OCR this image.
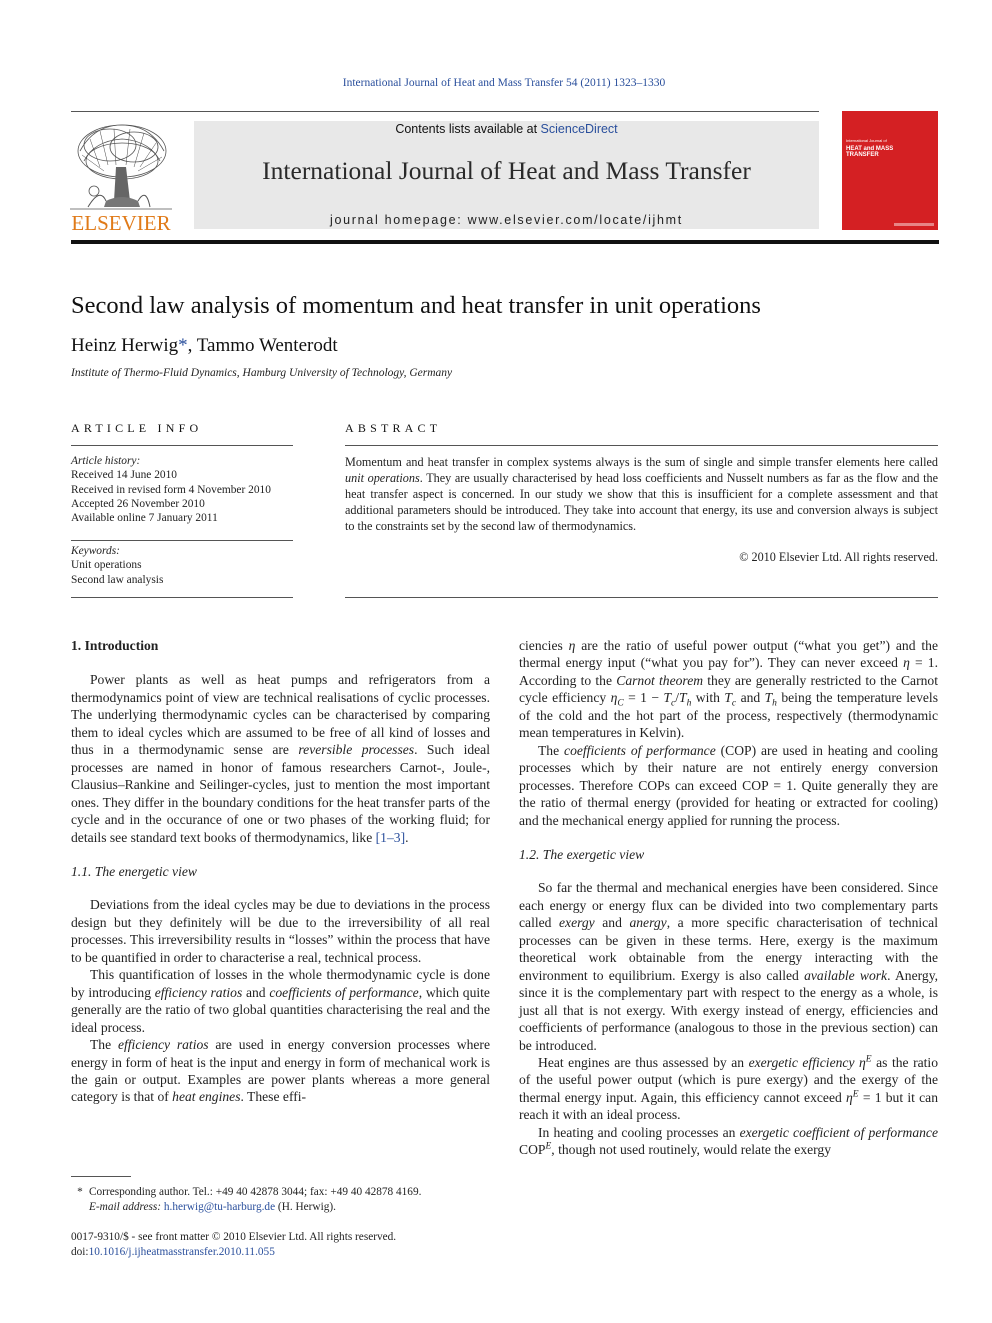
International Journal of Heat and Mass Transfer 54 (2011) 1323–1330
ELSEVIER
Contents lists available at ScienceDirect
International Journal of Heat and Mass Transfer
journal homepage: www.elsevier.com/locate/ijhmt
International Journal of
HEAT and MASS
TRANSFER
Second law analysis of momentum and heat transfer in unit operations
Heinz Herwig*, Tammo Wenterodt
Institute of Thermo-Fluid Dynamics, Hamburg University of Technology, Germany
ARTICLE INFO
Article history:
Received 14 June 2010
Received in revised form 4 November 2010
Accepted 26 November 2010
Available online 7 January 2011
Keywords:
Unit operations
Second law analysis
ABSTRACT
Momentum and heat transfer in complex systems always is the sum of single and simple transfer elements here called unit operations. They are usually characterised by head loss coefficients and Nusselt numbers as far as the flow and the heat transfer aspect is concerned. In our study we show that this is insufficient for a complete assessment and that additional parameters should be introduced. They take into account that energy, its use and conversion always is subject to the constraints set by the second law of thermodynamics.
© 2010 Elsevier Ltd. All rights reserved.

1. Introduction

Power plants as well as heat pumps and refrigerators from a thermodynamics point of view are technical realisations of cyclic processes. The underlying thermodynamic cycles can be characterised by comparing them to ideal cycles which are assumed to be free of all kind of losses and thus in a thermodynamic sense are reversible processes. Such ideal processes are named in honor of famous researchers Carnot-, Joule-, Clausius–Rankine and Seilinger-cycles, just to mention the most important ones. They differ in the boundary conditions for the heat transfer parts of the cycle and in the occurance of one or two phases of the working fluid; for details see standard text books of thermodynamics, like [1–3].

1.1. The energetic view

Deviations from the ideal cycles may be due to deviations in the process design but they definitely will be due to the irreversibility of all real processes. This irreversibility results in “losses” within the process that have to be quantified in order to characterise a real, technical process.

This quantification of losses in the whole thermodynamic cycle is done by introducing efficiency ratios and coefficients of performance, which quite generally are the ratio of two global quantities characterising the real and the ideal process.

The efficiency ratios are used in energy conversion processes where energy in form of heat is the input and energy in form of mechanical work is the gain or output. Examples are power plants whereas a more general category is that of heat engines. These effi-

ciencies η are the ratio of useful power output (“what you get”) and the thermal energy input (“what you pay for”). They can never exceed η = 1. According to the Carnot theorem they are generally restricted to the Carnot cycle efficiency $\eta_C = 1 - T_c/T_h$ with $T_c$ and $T_h$ being the temperature levels of the cold and the hot part of the process, respectively (thermodynamic mean temperatures in Kelvin).

The coefficients of performance (COP) are used in heating and cooling processes which by their nature are not entirely energy conversion processes. Therefore COPs can exceed COP = 1. Quite generally they are the ratio of thermal energy (provided for heating or extracted for cooling) and the mechanical energy applied for running the process.

1.2. The exergetic view

So far the thermal and mechanical energies have been considered. Since each energy or energy flux can be divided into two complementary parts called exergy and anergy, a more specific characterisation of technical processes can be given in these terms. Here, exergy is the maximum theoretical work obtainable from the energy interacting with the environment to equilibrium. Exergy is also called available work. Anergy, since it is the complementary part with respect to the energy as a whole, is just all that is not exergy. With exergy instead of energy, efficiencies and coefficients of performance (analogous to those in the previous section) can be introduced.

Heat engines are thus assessed by an exergetic efficiency $\eta^E$ as the ratio of the useful power output (which is pure exergy) and the exergy of the thermal energy input. Again, this efficiency cannot exceed $\eta^E = 1$ but it can reach it with an ideal process.

In heating and cooling processes an exergetic coefficient of performance $COP^E$, though not used routinely, would relate the exergy

* Corresponding author. Tel.: +49 40 42878 3044; fax: +49 40 42878 4169.
E-mail address: h.herwig@tu-harburg.de (H. Herwig).
0017-9310/$ - see front matter © 2010 Elsevier Ltd. All rights reserved.
doi:10.1016/j.ijheatmasstransfer.2010.11.055
